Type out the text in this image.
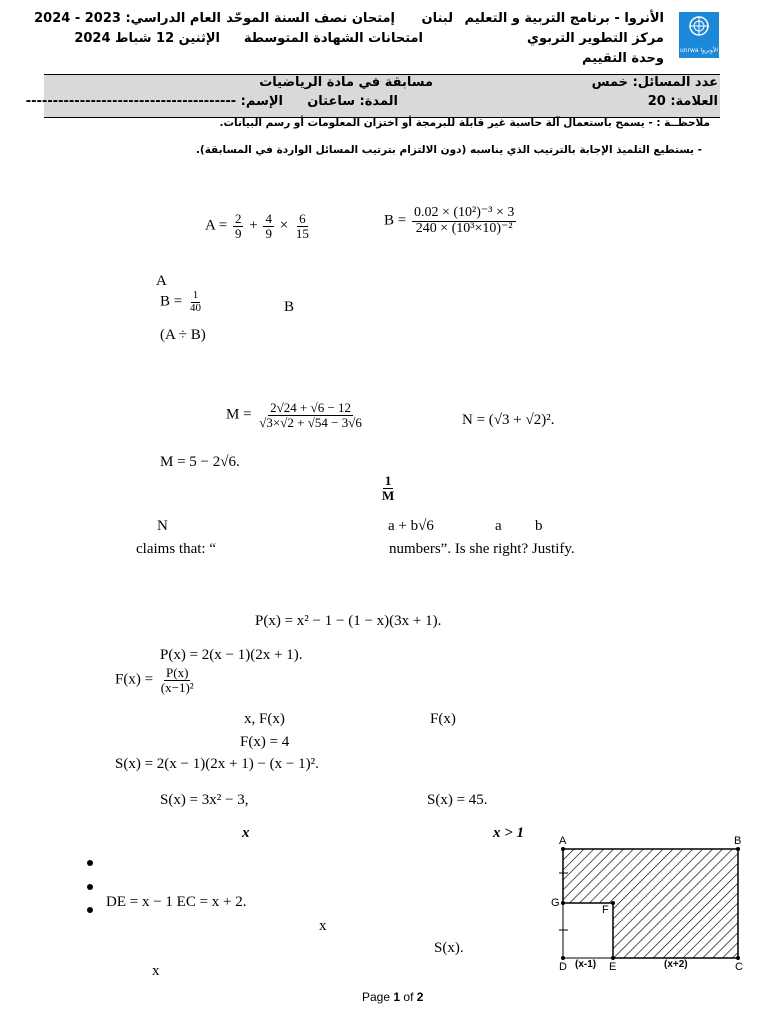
unrwa الأونروا
الأنروا - برنامج التربية و التعليم
لبنان
مركز التطوير التربوي
وحدة التقييم
إمتحان نصف السنة الموحّد
امتحانات الشهادة المتوسطة
العام الدراسي: 2023 - 2024
الإثنين 12 شباط 2024
عدد المسائل: خمس
العلامة: 20
مسابقة في مادة الرياضيات
المدة: ساعتان
الإسم: ---------------------------------------
ملاحظــة : - يسمح باستعمال آلة حاسبة غير قابلة للبرمجة أو اختزان المعلومات أو رسم البيانات.
- يستطيع التلميذ الإجابة بالترتيب الذي يناسبه (دون الالتزام بترتيب المسائل الواردة في المسابقة).
$A = \frac{2}{9} + \frac{4}{9} \times \frac{6}{15}$	$B = \frac{\text{0.02 × (10²)⁻³ × 3}}{\text{240 × (10³×10)⁻²}}$
A
$B = \frac{1}{40}$	B
(A ÷ B)
$M = \frac{2√24 + √6 - 12}{√3\times√2 + √54 - 3√6}$	N = (√3 + √2)².
M = 5 − 2√6.
$\frac{1}{M}$
N	a + b√6	a b
claims that: “	numbers”. Is she right? Justify.
P(x) = x² − 1 − (1 − x)(3x + 1).
P(x) = 2(x − 1)(2x + 1).
$F(x) = \frac{P(x)}{\text{(x−1)²}}$
x, F(x)	F(x)
F(x) = 4
S(x) = 2(x − 1)(2x + 1) − (x − 1)².
S(x) = 3x² − 3,	S(x) = 45.
x	x > 1
DE = x − 1 EC = x + 2.
x
S(x).
x
A	B
C
D	E
F
G
(x-1)	(x+2)
Page 1 of 2
